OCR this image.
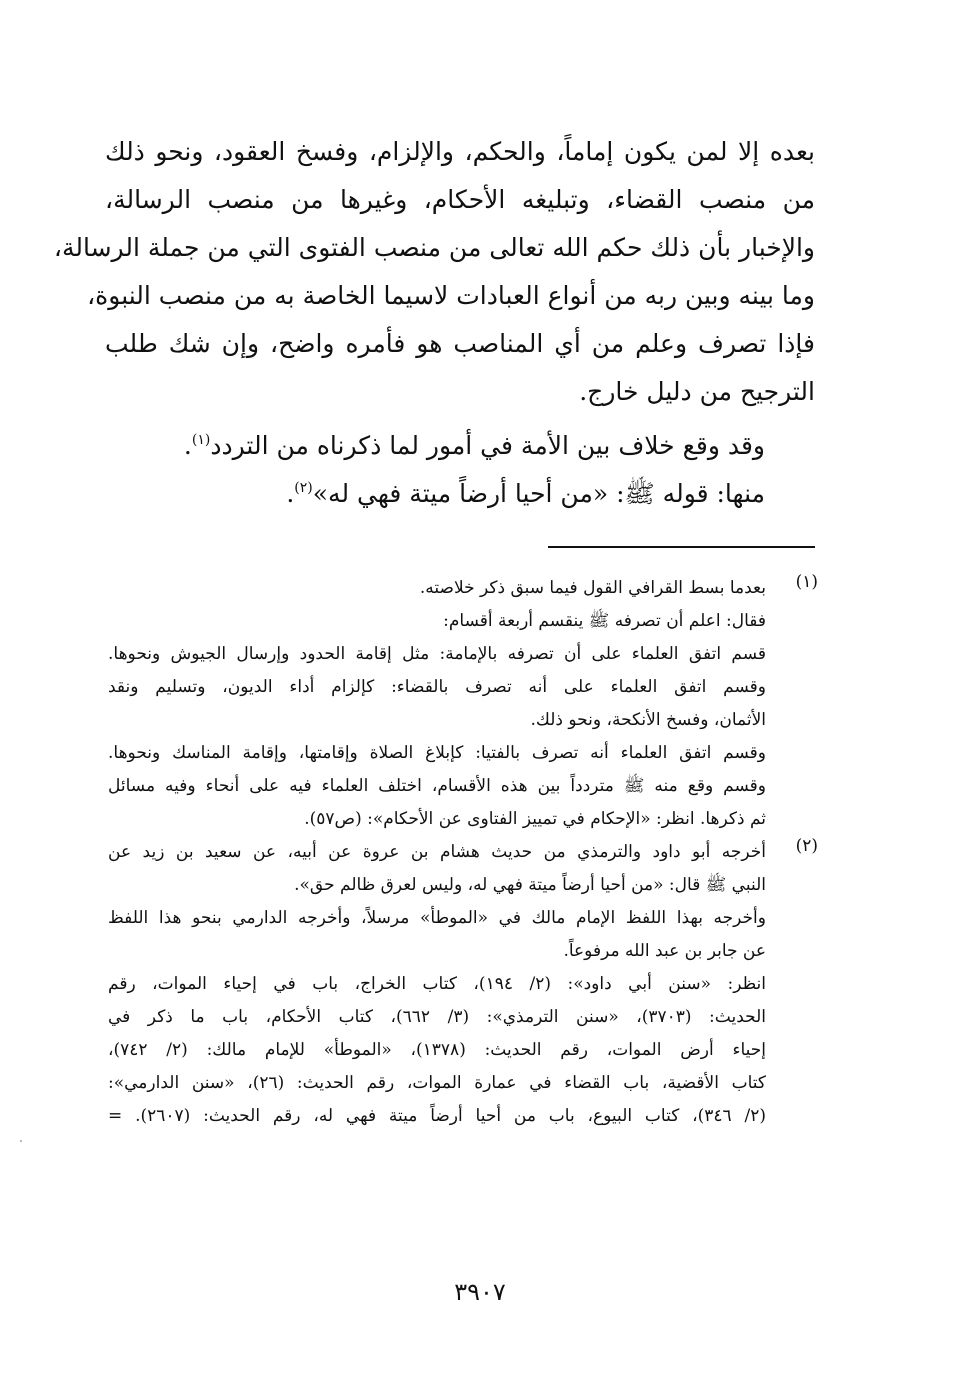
بعده إلا لمن يكون إماماً، والحكم، والإلزام، وفسخ العقود، ونحو ذلك
من منصب القضاء، وتبليغه الأحكام، وغيرها من منصب الرسالة،
والإخبار بأن ذلك حكم الله تعالى من منصب الفتوى التي من جملة الرسالة،
وما بينه وبين ربه من أنواع العبادات لاسيما الخاصة به من منصب النبوة،
فإذا تصرف وعلم من أي المناصب هو فأمره واضح، وإن شك طلب
الترجيح من دليل خارج.
وقد وقع خلاف بين الأمة في أمور لما ذكرناه من التردد$^{(١)}$.
منها: قوله ﷺ: «من أحيا أرضاً ميتة فهي له»$^{(٢)}$.
(١)
بعدما بسط القرافي القول فيما سبق ذكر خلاصته.
فقال: اعلم أن تصرفه ﷺ ينقسم أربعة أقسام:
قسم اتفق العلماء على أن تصرفه بالإمامة: مثل إقامة الحدود وإرسال الجيوش ونحوها.
وقسم اتفق العلماء على أنه تصرف بالقضاء: كإلزام أداء الديون، وتسليم ونقد
الأثمان، وفسخ الأنكحة، ونحو ذلك.
وقسم اتفق العلماء أنه تصرف بالفتيا: كإبلاغ الصلاة وإقامتها، وإقامة المناسك ونحوها.
وقسم وقع منه ﷺ متردداً بين هذه الأقسام، اختلف العلماء فيه على أنحاء وفيه مسائل
ثم ذكرها. انظر: «الإحكام في تمييز الفتاوى عن الأحكام»: (ص٥٧).
(٢)
أخرجه أبو داود والترمذي من حديث هشام بن عروة عن أبيه، عن سعيد بن زيد عن
النبي ﷺ قال: «من أحيا أرضاً ميتة فهي له، وليس لعرق ظالم حق».
وأخرجه بهذا اللفظ الإمام مالك في «الموطأ» مرسلاً، وأخرجه الدارمي بنحو هذا اللفظ
عن جابر بن عبد الله مرفوعاً.
انظر: «سنن أبي داود»: (٢/ ١٩٤)، كتاب الخراج، باب في إحياء الموات، رقم
الحديث: (٣٧٠٣)، «سنن الترمذي»: (٣/ ٦٦٢)، كتاب الأحكام، باب ما ذكر في
إحياء أرض الموات، رقم الحديث: (١٣٧٨)، «الموطأ» للإمام مالك: (٢/ ٧٤٢)،
كتاب الأقضية، باب القضاء في عمارة الموات، رقم الحديث: (٢٦)، «سنن الدارمي»:
(٢/ ٣٤٦)، كتاب البيوع، باب من أحيا أرضاً ميتة فهي له، رقم الحديث: (٢٦٠٧). =
٣٩٠٧
